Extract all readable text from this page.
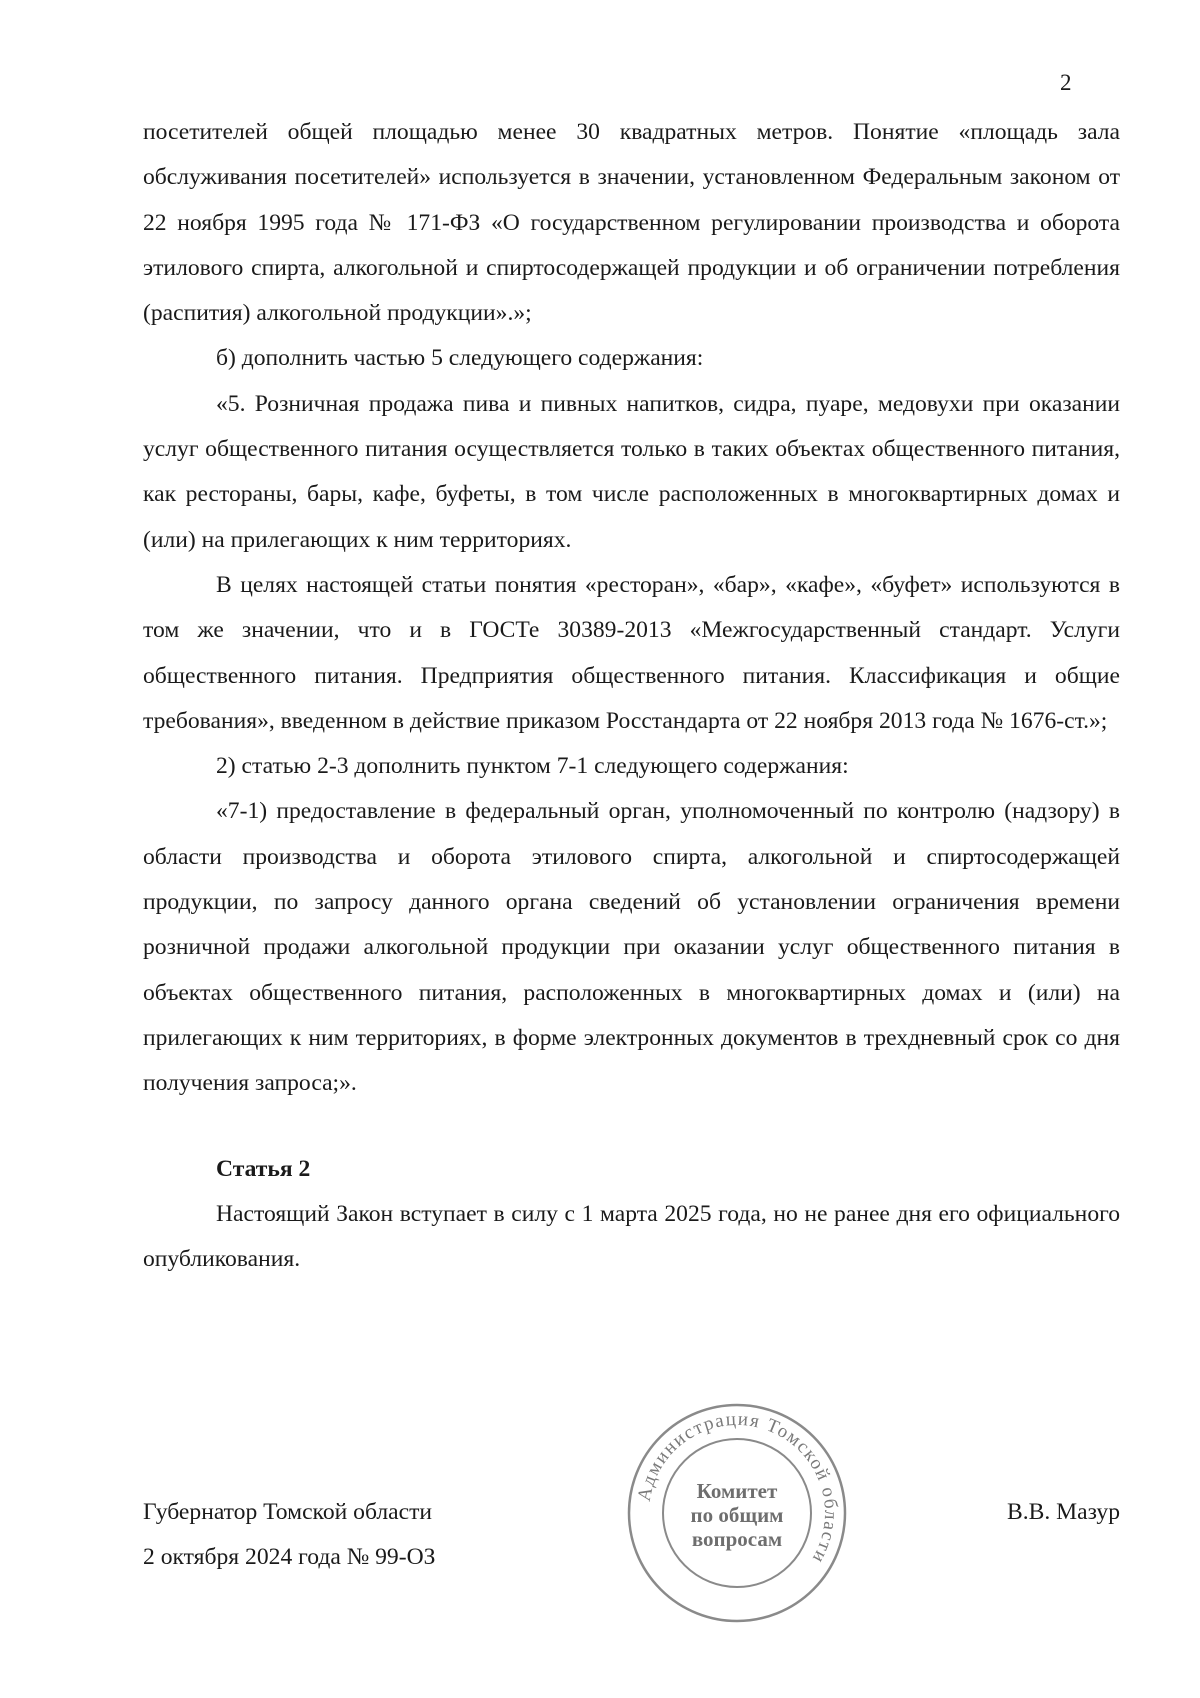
2

посетителей общей площадью менее 30 квадратных метров. Понятие «площадь зала обслуживания посетителей» используется в значении, установленном Федеральным законом от 22 ноября 1995 года № 171-ФЗ «О государственном регулировании производства и оборота этилового спирта, алкогольной и спиртосодержащей продукции и об ограничении потребления (распития) алкогольной продукции».»;

б) дополнить частью 5 следующего содержания:

«5. Розничная продажа пива и пивных напитков, сидра, пуаре, медовухи при оказании услуг общественного питания осуществляется только в таких объектах общественного питания, как рестораны, бары, кафе, буфеты, в том числе расположенных в многоквартирных домах и (или) на прилегающих к ним территориях.

В целях настоящей статьи понятия «ресторан», «бар», «кафе», «буфет» используются в том же значении, что и в ГОСТе 30389-2013 «Межгосударственный стандарт. Услуги общественного питания. Предприятия общественного питания. Классификация и общие требования», введенном в действие приказом Росстандарта от 22 ноября 2013 года № 1676-ст.»;

2) статью 2-3 дополнить пунктом 7-1 следующего содержания:

«7-1) предоставление в федеральный орган, уполномоченный по контролю (надзору) в области производства и оборота этилового спирта, алкогольной и спиртосодержащей продукции, по запросу данного органа сведений об установлении ограничения времени розничной продажи алкогольной продукции при оказании услуг общественного питания в объектах общественного питания, расположенных в многоквартирных домах и (или) на прилегающих к ним территориях, в форме электронных документов в трехдневный срок со дня получения запроса;».

Статья 2

Настоящий Закон вступает в силу с 1 марта 2025 года, но не ранее дня его официального опубликования.

Губернатор Томской области	В.В. Мазур
2 октября 2024 года № 99-ОЗ
Администрация Томской области
Комитет
по общим
вопросам
